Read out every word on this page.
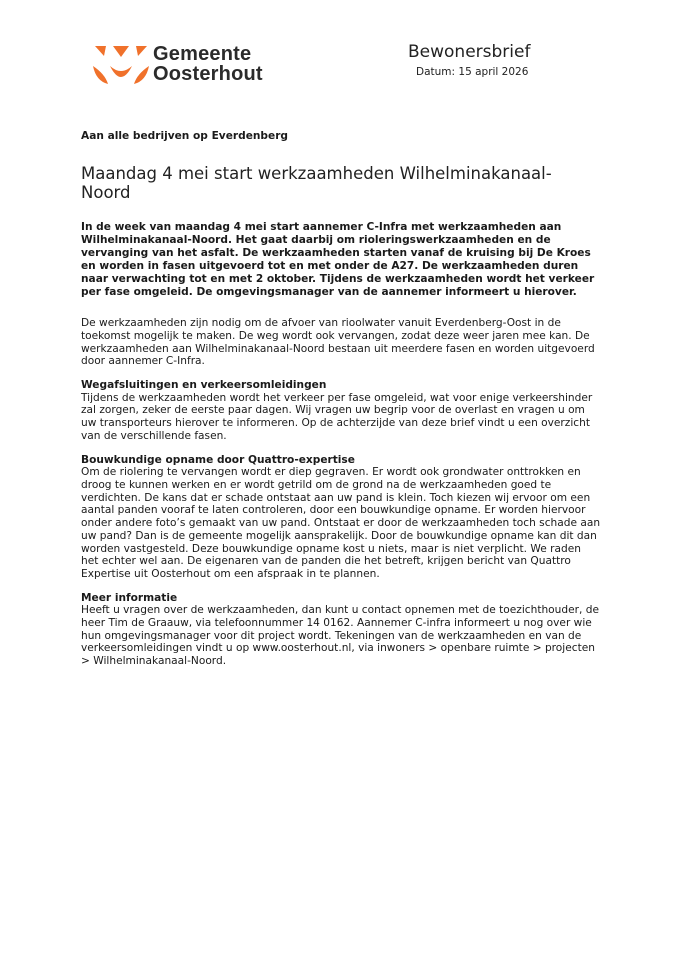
Gemeente
Oosterhout
Bewonersbrief
Datum: 15 april 2026

Aan alle bedrijven op Everdenberg

Maandag 4 mei start werkzaamheden Wilhelminakanaal-Noord

In de week van maandag 4 mei start aannemer C-Infra met werkzaamheden aan Wilhelminakanaal-Noord. Het gaat daarbij om rioleringswerkzaamheden en de vervanging van het asfalt. De werkzaamheden starten vanaf de kruising bij De Kroes en worden in fasen uitgevoerd tot en met onder de A27. De werkzaamheden duren naar verwachting tot en met 2 oktober. Tijdens de werkzaamheden wordt het verkeer per fase omgeleid. De omgevingsmanager van de aannemer informeert u hierover.

De werkzaamheden zijn nodig om de afvoer van rioolwater vanuit Everdenberg-Oost in de toekomst mogelijk te maken. De weg wordt ook vervangen, zodat deze weer jaren mee kan. De werkzaamheden aan Wilhelminakanaal-Noord bestaan uit meerdere fasen en worden uitgevoerd door aannemer C-Infra.

Wegafsluitingen en verkeersomleidingen

Tijdens de werkzaamheden wordt het verkeer per fase omgeleid, wat voor enige verkeershinder zal zorgen, zeker de eerste paar dagen. Wij vragen uw begrip voor de overlast en vragen u om uw transporteurs hierover te informeren. Op de achterzijde van deze brief vindt u een overzicht van de verschillende fasen.

Bouwkundige opname door Quattro-expertise

Om de riolering te vervangen wordt er diep gegraven. Er wordt ook grondwater onttrokken en droog te kunnen werken en er wordt getrild om de grond na de werkzaamheden goed te verdichten. De kans dat er schade ontstaat aan uw pand is klein. Toch kiezen wij ervoor om een aantal panden vooraf te laten controleren, door een bouwkundige opname. Er worden hiervoor onder andere foto’s gemaakt van uw pand. Ontstaat er door de werkzaamheden toch schade aan uw pand? Dan is de gemeente mogelijk aansprakelijk. Door de bouwkundige opname kan dit dan worden vastgesteld. Deze bouwkundige opname kost u niets, maar is niet verplicht. We raden het echter wel aan. De eigenaren van de panden die het betreft, krijgen bericht van Quattro Expertise uit Oosterhout om een afspraak in te plannen.

Meer informatie

Heeft u vragen over de werkzaamheden, dan kunt u contact opnemen met de toezichthouder, de heer Tim de Graauw, via telefoonnummer 14 0162. Aannemer C-infra informeert u nog over wie hun omgevingsmanager voor dit project wordt. Tekeningen van de werkzaamheden en van de verkeersomleidingen vindt u op www.oosterhout.nl, via inwoners > openbare ruimte > projecten > Wilhelminakanaal-Noord.
